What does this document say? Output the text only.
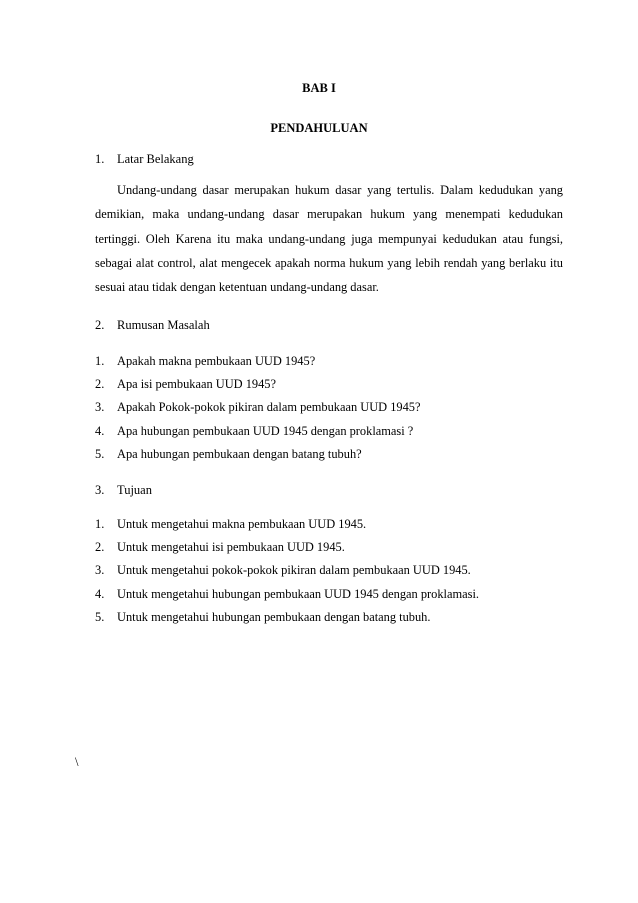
BAB I
PENDAHULUAN
1. Latar Belakang
Undang-undang dasar merupakan hukum dasar yang tertulis. Dalam kedudukan yang demikian, maka undang-undang dasar merupakan hukum yang menempati kedudukan tertinggi. Oleh Karena itu maka undang-undang juga mempunyai kedudukan atau fungsi, sebagai alat control, alat mengecek apakah norma hukum yang lebih rendah yang berlaku itu sesuai atau tidak dengan ketentuan undang-undang dasar.
2. Rumusan Masalah
1. Apakah makna pembukaan UUD 1945?
2. Apa isi pembukaan UUD 1945?
3. Apakah Pokok-pokok pikiran dalam pembukaan UUD 1945?
4. Apa hubungan pembukaan UUD 1945 dengan proklamasi ?
5. Apa hubungan pembukaan dengan batang tubuh?
3. Tujuan
1. Untuk mengetahui makna pembukaan UUD 1945.
2. Untuk mengetahui isi pembukaan UUD 1945.
3. Untuk mengetahui pokok-pokok pikiran dalam pembukaan UUD 1945.
4. Untuk mengetahui hubungan pembukaan UUD 1945 dengan proklamasi.
5. Untuk mengetahui hubungan pembukaan dengan batang tubuh.
\
